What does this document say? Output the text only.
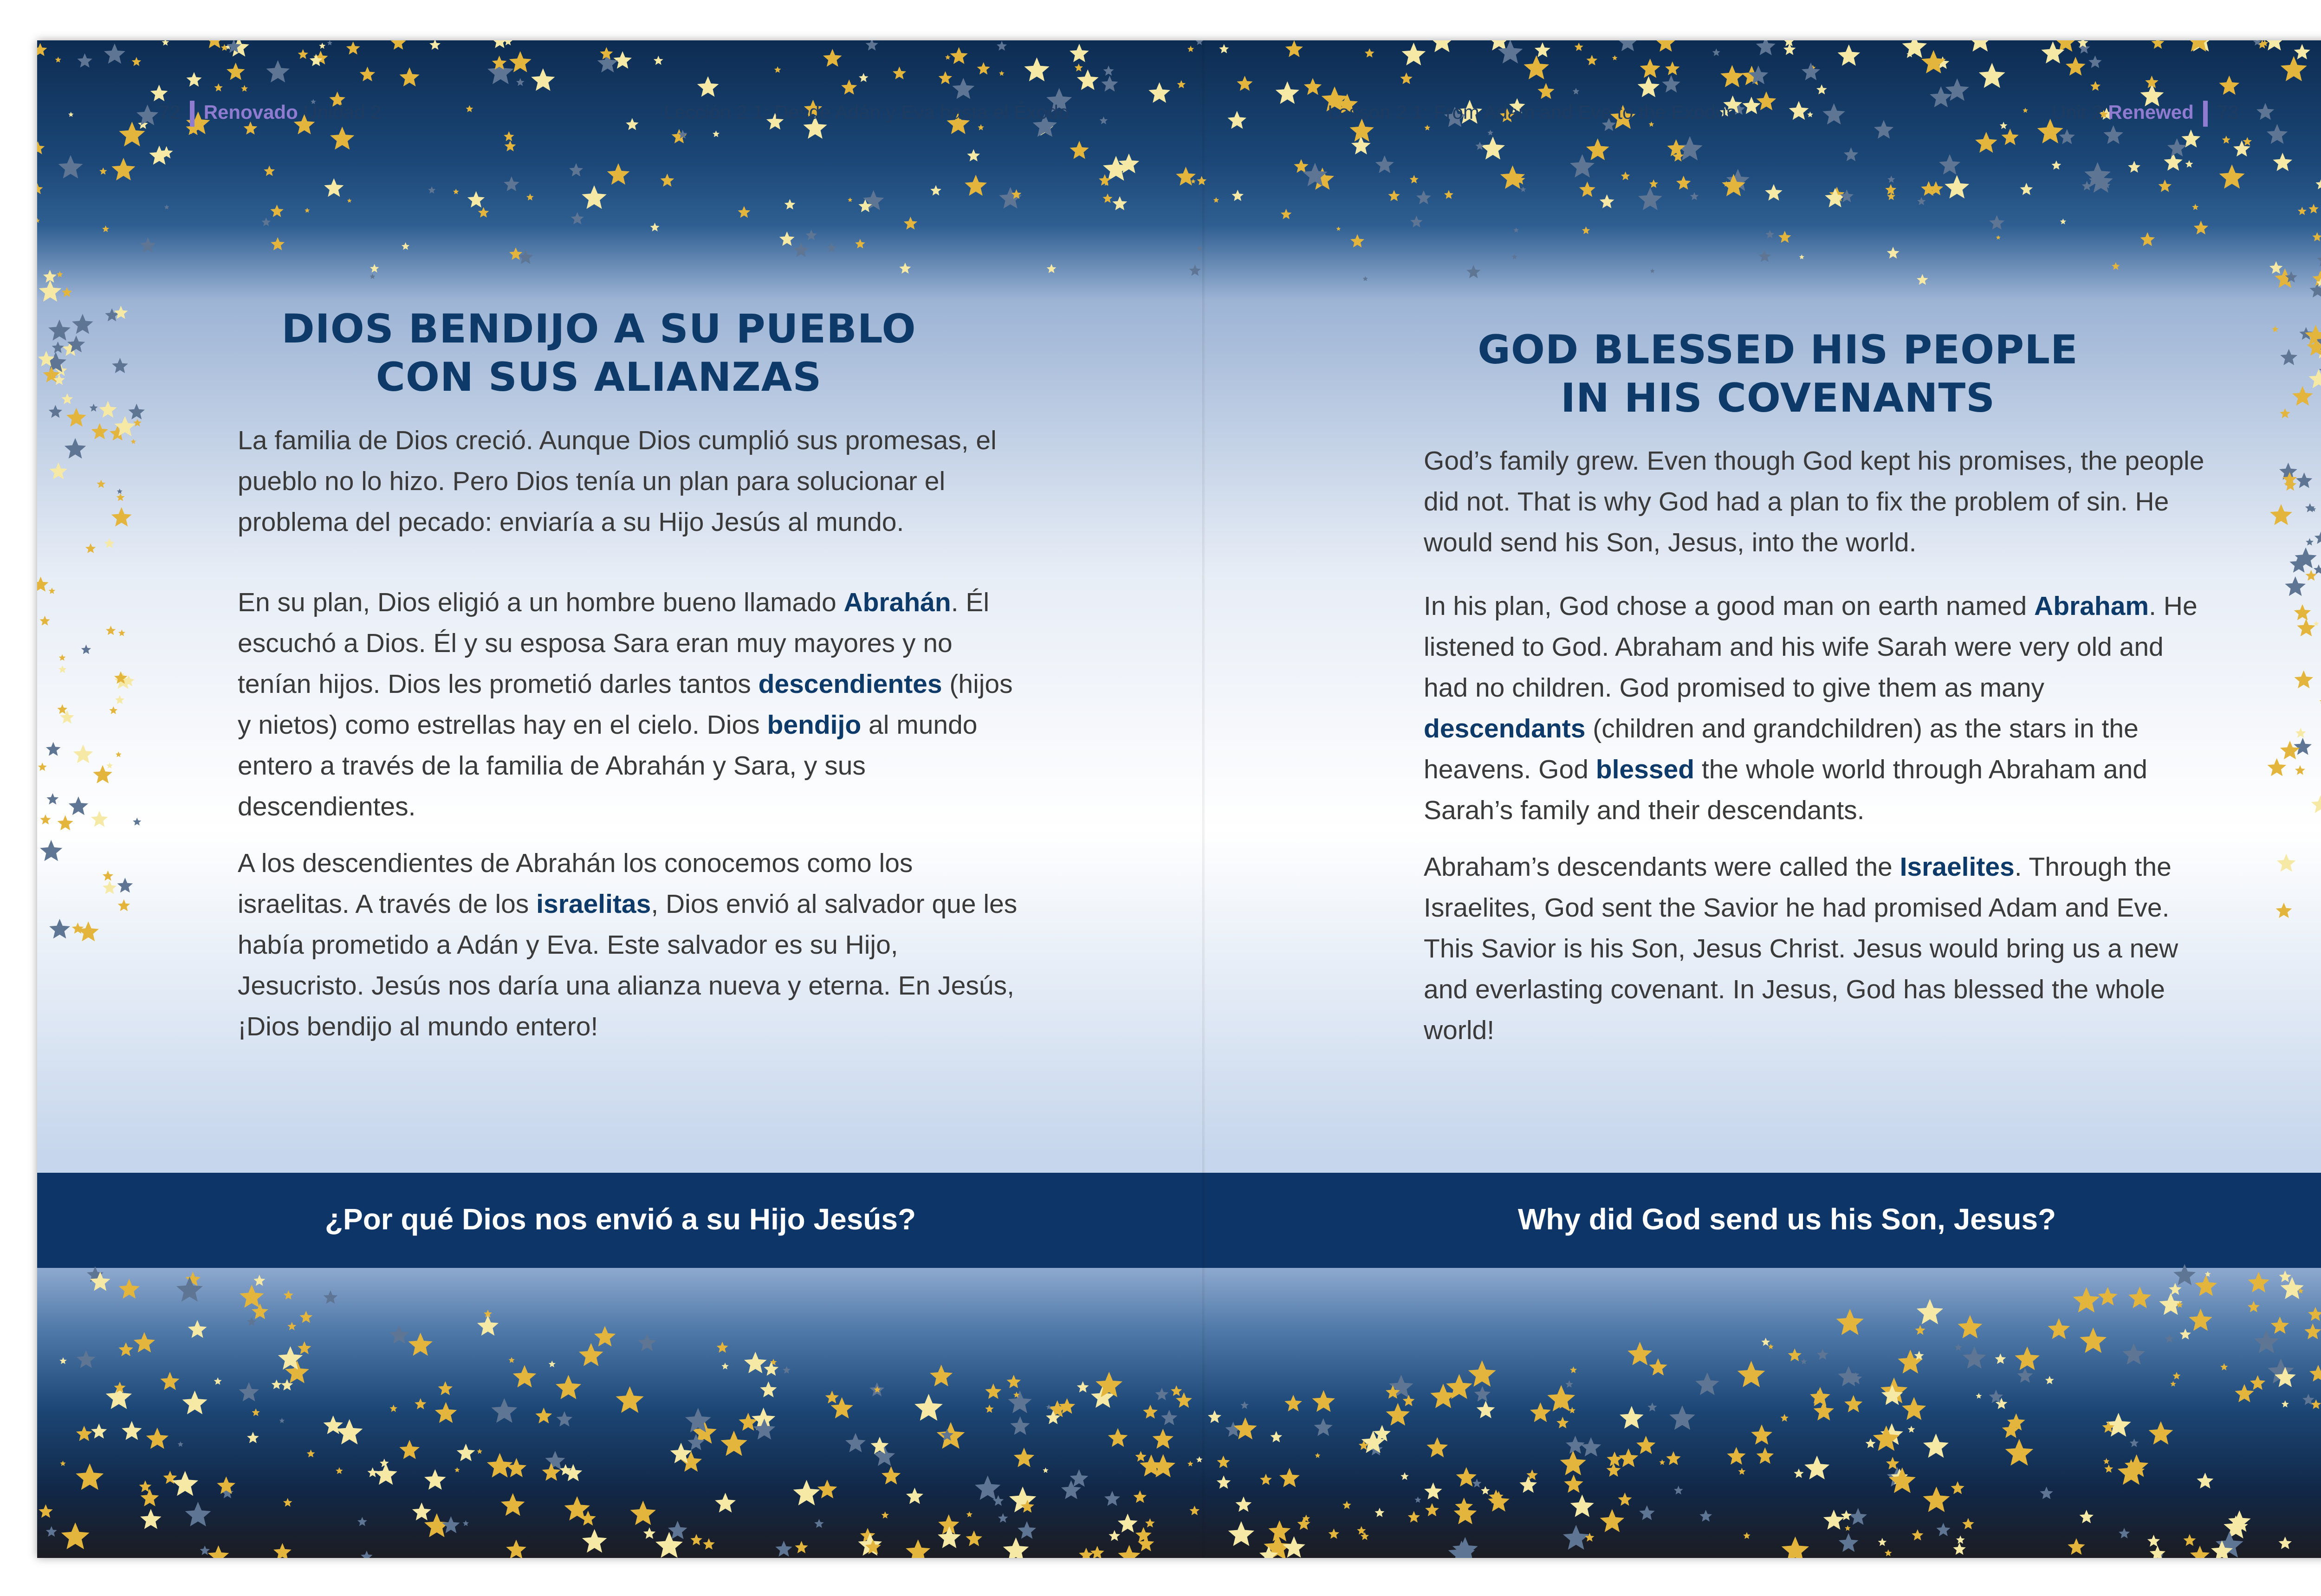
72 Renovado Unidad 2	Lección 2.1: Desde Adán y Eva hasta el Éxodo	Lesson 2.1: From Adam and Eve to the Exodus	Unit 2 Renewed 73
DIOS BENDIJO A SU PUEBLO
CON SUS ALIANZAS
GOD BLESSED HIS PEOPLE
IN HIS COVENANTS
La familia de Dios creció. Aunque Dios cumplió sus promesas, el pueblo no lo hizo. Pero Dios tenía un plan para solucionar el problema del pecado: enviaría a su Hijo Jesús al mundo.
En su plan, Dios eligió a un hombre bueno llamado Abrahán. Él escuchó a Dios. Él y su esposa Sara eran muy mayores y no tenían hijos. Dios les prometió darles tantos descendientes (hijos y nietos) como estrellas hay en el cielo. Dios bendijo al mundo entero a través de la familia de Abrahán y Sara, y sus descendientes.
A los descendientes de Abrahán los conocemos como los israelitas. A través de los israelitas, Dios envió al salvador que les había prometido a Adán y Eva. Este salvador es su Hijo, Jesucristo. Jesús nos daría una alianza nueva y eterna. En Jesús, ¡Dios bendijo al mundo entero!
God’s family grew. Even though God kept his promises, the people did not. That is why God had a plan to fix the problem of sin. He would send his Son, Jesus, into the world.
In his plan, God chose a good man on earth named Abraham. He listened to God. Abraham and his wife Sarah were very old and had no children. God promised to give them as many descendants (children and grandchildren) as the stars in the heavens. God blessed the whole world through Abraham and Sarah’s family and their descendants.
Abraham’s descendants were called the Israelites. Through the Israelites, God sent the Savior he had promised Adam and Eve. This Savior is his Son, Jesus Christ. Jesus would bring us a new and everlasting covenant. In Jesus, God has blessed the whole world!
¿Por qué Dios nos envió a su Hijo Jesús?	Why did God send us his Son, Jesus?
